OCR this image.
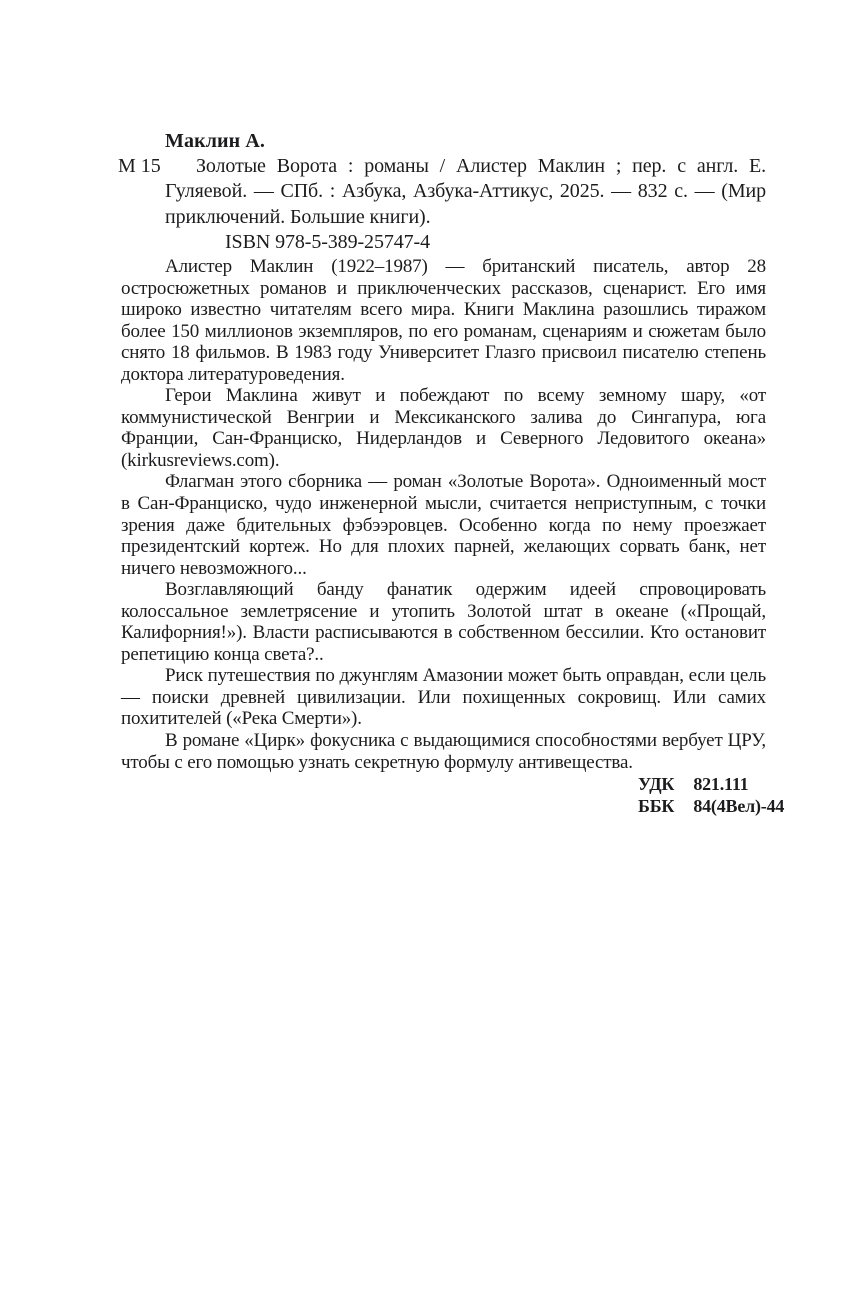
Маклин А.
М 15	Золотые Ворота : романы / Алистер Маклин ; пер. с англ. Е. Гуляевой. — СПб. : Азбука, Азбука-Аттикус, 2025. — 832 с. — (Мир приключений. Большие книги).

ISBN 978-5-389-25747-4

Алистер Маклин (1922–1987) — британский писатель, автор 28 остросюжетных романов и приключенческих рассказов, сценарист. Его имя широко известно читателям всего мира. Книги Маклина разошлись тиражом более 150 миллионов экземпляров, по его романам, сценариям и сюжетам было снято 18 фильмов. В 1983 году Университет Глазго присвоил писателю степень доктора литературоведения.

Герои Маклина живут и побеждают по всему земному шару, «от коммунистической Венгрии и Мексиканского залива до Сингапура, юга Франции, Сан-Франциско, Нидерландов и Северного Ледовитого океана» (kirkusreviews.com).

Флагман этого сборника — роман «Золотые Ворота». Одноименный мост в Сан-Франциско, чудо инженерной мысли, считается неприступным, с точки зрения даже бдительных фэбээровцев. Особенно когда по нему проезжает президентский кортеж. Но для плохих парней, желающих сорвать банк, нет ничего невозможного...

Возглавляющий банду фанатик одержим идеей спровоцировать колоссальное землетрясение и утопить Золотой штат в океане («Прощай, Калифорния!»). Власти расписываются в собственном бессилии. Кто остановит репетицию конца света?..

Риск путешествия по джунглям Амазонии может быть оправдан, если цель — поиски древней цивилизации. Или похищенных сокровищ. Или самих похитителей («Река Смерти»).

В романе «Цирк» фокусника с выдающимися способностями вербует ЦРУ, чтобы с его помощью узнать секретную формулу антивещества.

УДК 821.111
ББК 84(4Вел)-44
